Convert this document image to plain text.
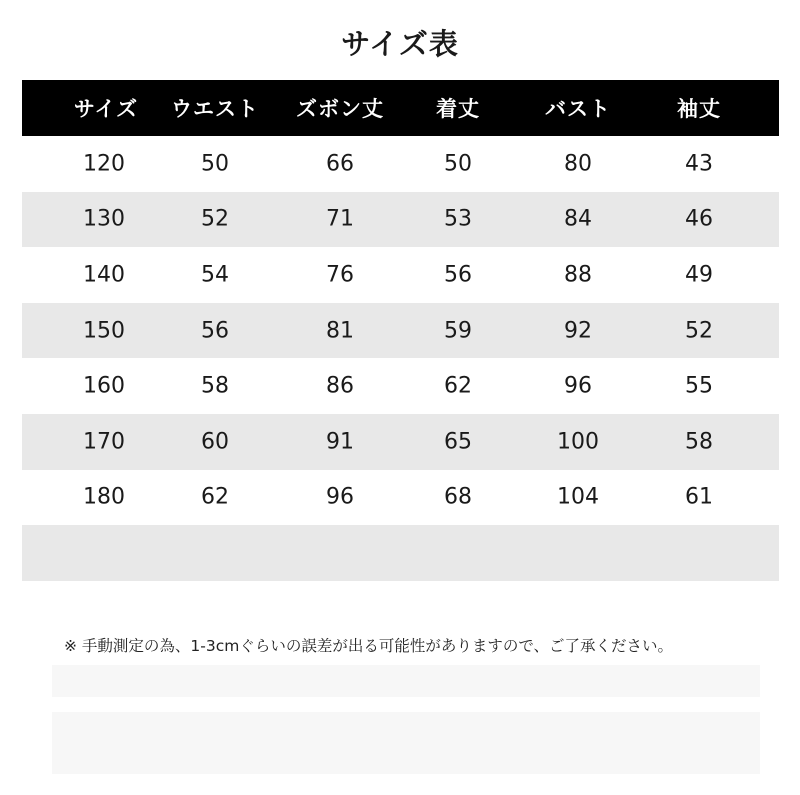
サイズ表
サイズ	ウエスト	ズボン丈	着丈	バスト	袖丈
120	50	66	50	80	43
130	52	71	53	84	46
140	54	76	56	88	49
150	56	81	59	92	52
160	58	86	62	96	55
170	60	91	65	100	58
180	62	96	68	104	61
※ 手動測定の為、1-3cmぐらいの誤差が出る可能性がありますので、ご了承ください。
